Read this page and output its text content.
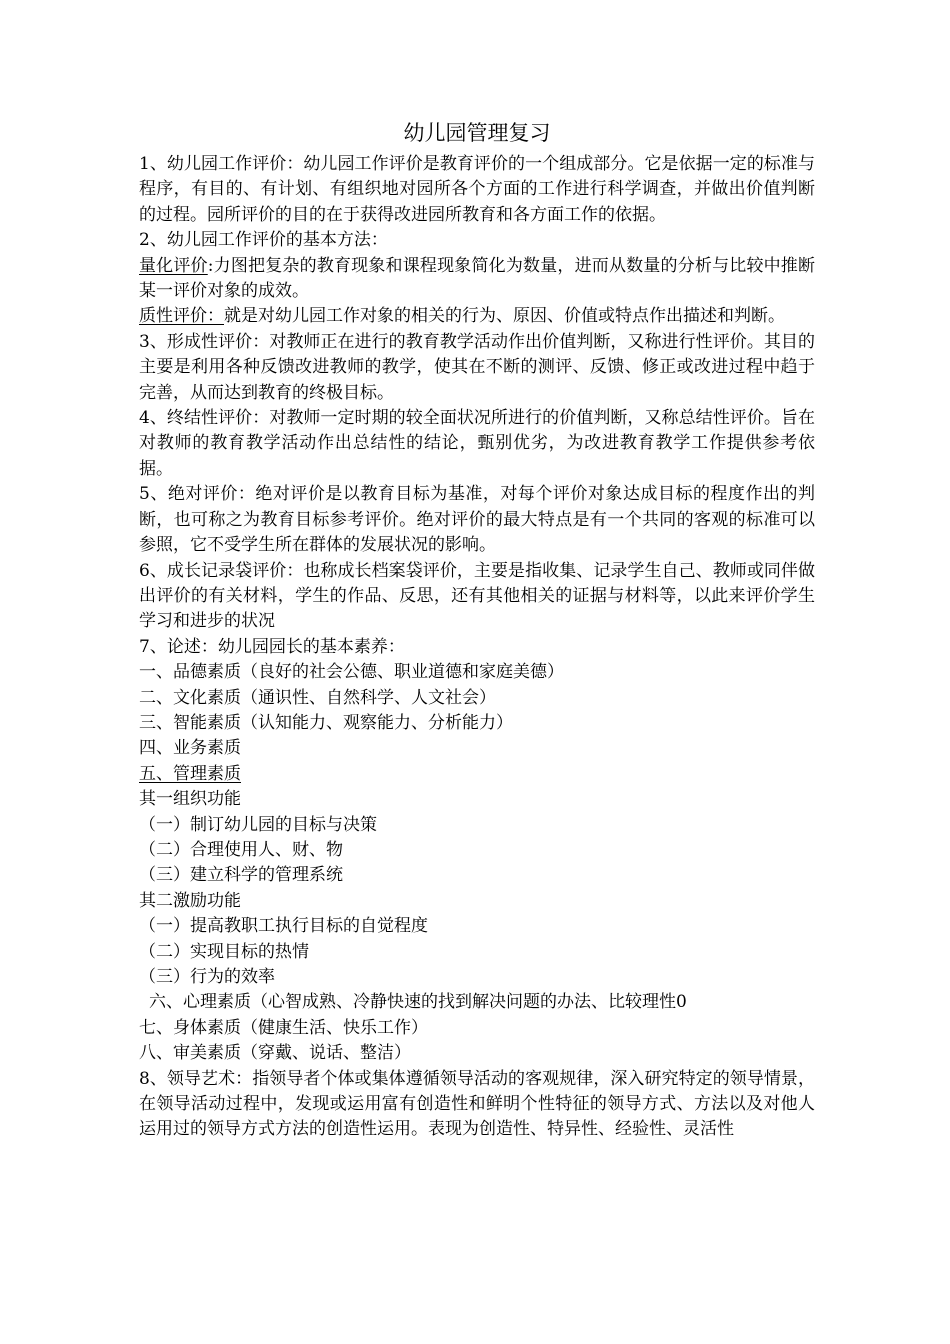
幼儿园管理复习

1、幼儿园工作评价：幼儿园工作评价是教育评价的一个组成部分。它是依据一定的标准与程序，有目的、有计划、有组织地对园所各个方面的工作进行科学调查，并做出价值判断的过程。园所评价的目的在于获得改进园所教育和各方面工作的依据。

2、幼儿园工作评价的基本方法：

量化评价:力图把复杂的教育现象和课程现象简化为数量，进而从数量的分析与比较中推断某一评价对象的成效。

质性评价：就是对幼儿园工作对象的相关的行为、原因、价值或特点作出描述和判断。

3、形成性评价：对教师正在进行的教育教学活动作出价值判断，又称进行性评价。其目的主要是利用各种反馈改进教师的教学，使其在不断的测评、反馈、修正或改进过程中趋于完善，从而达到教育的终极目标。

4、终结性评价：对教师一定时期的较全面状况所进行的价值判断，又称总结性评价。旨在对教师的教育教学活动作出总结性的结论，甄别优劣，为改进教育教学工作提供参考依据。

5、绝对评价：绝对评价是以教育目标为基准，对每个评价对象达成目标的程度作出的判断，也可称之为教育目标参考评价。绝对评价的最大特点是有一个共同的客观的标准可以参照，它不受学生所在群体的发展状况的影响。

6、成长记录袋评价：也称成长档案袋评价，主要是指收集、记录学生自己、教师或同伴做出评价的有关材料，学生的作品、反思，还有其他相关的证据与材料等，以此来评价学生学习和进步的状况

7、论述：幼儿园园长的基本素养：

一、品德素质（良好的社会公德、职业道德和家庭美德）

二、文化素质（通识性、自然科学、人文社会）

三、智能素质（认知能力、观察能力、分析能力）

四、业务素质

五、管理素质

其一组织功能

（一）制订幼儿园的目标与决策

（二）合理使用人、财、物

（三）建立科学的管理系统

其二激励功能

（一）提高教职工执行目标的自觉程度

（二）实现目标的热情

（三）行为的效率

六、心理素质（心智成熟、冷静快速的找到解决问题的办法、比较理性0

七、身体素质（健康生活、快乐工作）

八、审美素质（穿戴、说话、整洁）

8、领导艺术：指领导者个体或集体遵循领导活动的客观规律，深入研究特定的领导情景，在领导活动过程中，发现或运用富有创造性和鲜明个性特征的领导方式、方法以及对他人运用过的领导方式方法的创造性运用。表现为创造性、特异性、经验性、灵活性
